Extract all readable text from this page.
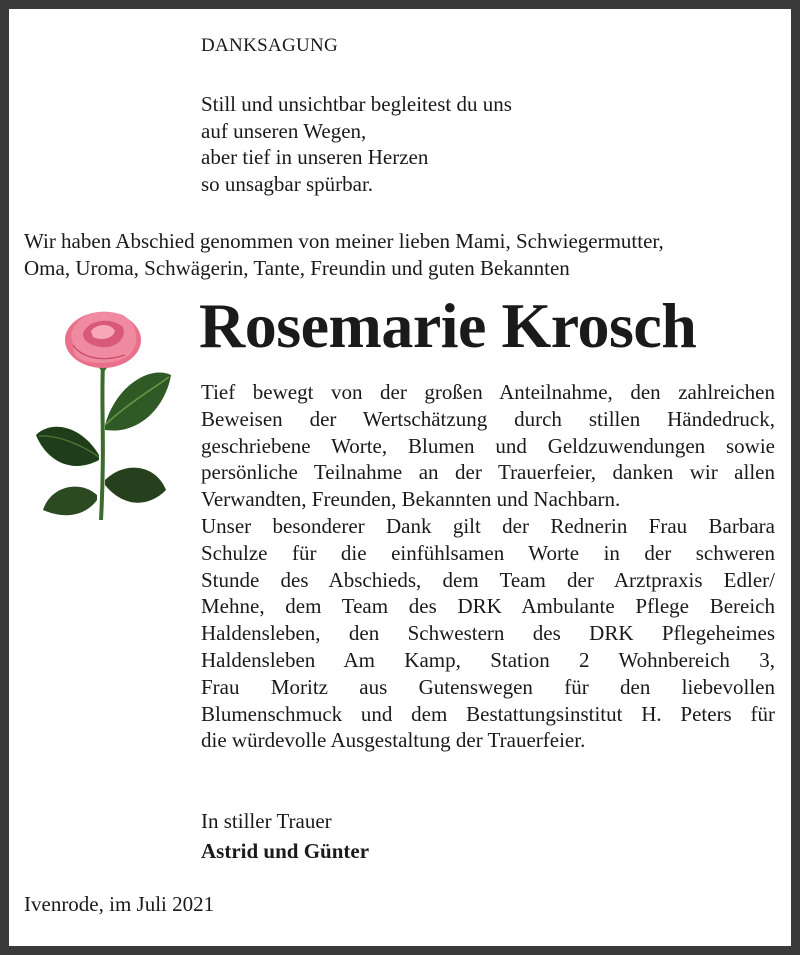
DANKSAGUNG
Still und unsichtbar begleitest du uns
auf unseren Wegen,
aber tief in unseren Herzen
so unsagbar spürbar.
Wir haben Abschied genommen von meiner lieben Mami, Schwiegermutter,
Oma, Uroma, Schwägerin, Tante, Freundin und guten Bekannten
Rosemarie Krosch
Tief bewegt von der großen Anteilnahme, den zahlreichen
Beweisen der Wertschätzung durch stillen Händedruck,
geschriebene Worte, Blumen und Geldzuwendungen sowie
persönliche Teilnahme an der Trauerfeier, danken wir allen
Verwandten, Freunden, Bekannten und Nachbarn.
Unser besonderer Dank gilt der Rednerin Frau Barbara
Schulze für die einfühlsamen Worte in der schweren
Stunde des Abschieds, dem Team der Arztpraxis Edler/
Mehne, dem Team des DRK Ambulante Pflege Bereich
Haldensleben, den Schwestern des DRK Pflegeheimes
Haldensleben Am Kamp, Station 2 Wohnbereich 3,
Frau Moritz aus Gutenswegen für den liebevollen
Blumenschmuck und dem Bestattungsinstitut H. Peters für
die würdevolle Ausgestaltung der Trauerfeier.
In stiller Trauer
Astrid und Günter
Ivenrode, im Juli 2021
